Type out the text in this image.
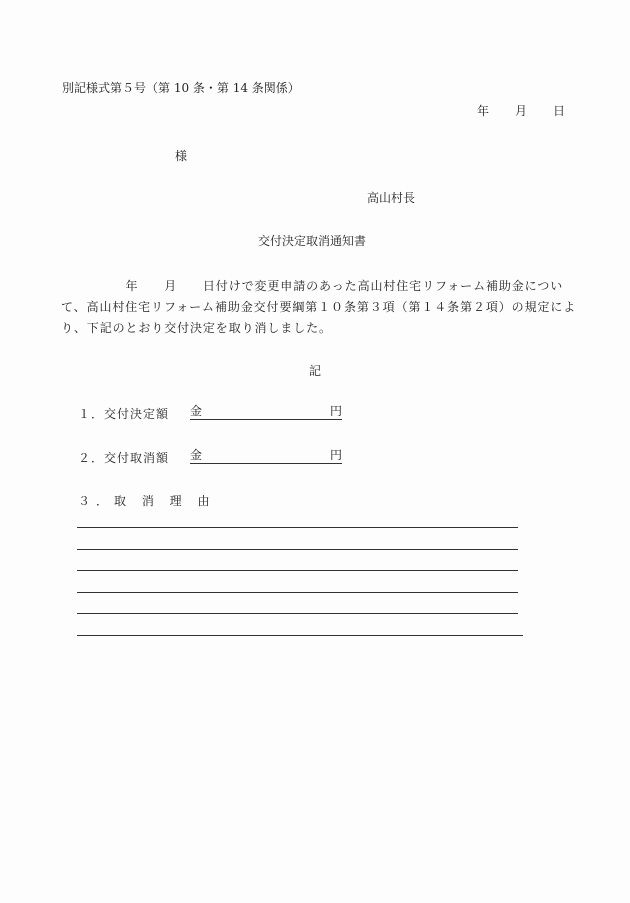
別記様式第５号（第 10 条・第 14 条関係）
年 月 日
様
高山村長
交付決定取消通知書
　　　　　年　　月　　日付けで変更申請のあった高山村住宅リフォーム補助金につい
て、高山村住宅リフォーム補助金交付要綱第１０条第３項（第１４条第２項）の規定によ
り、下記のとおり交付決定を取り消しました。
記
１．交付決定額 金	円
２．交付取消額 金	円
３．取 消 理 由
